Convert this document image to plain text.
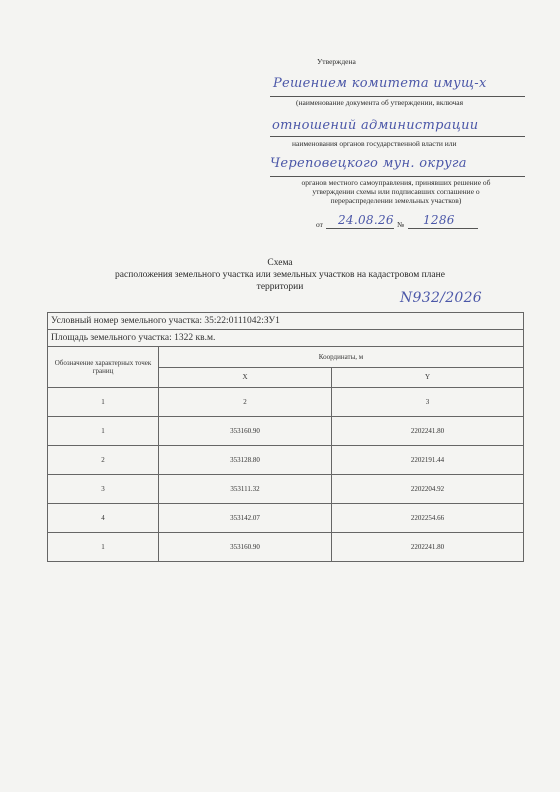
Утверждена
Решением комитета имущ-х
(наименование документа об утверждении, включая
отношений администрации
наименования органов государственной власти или
Череповецкого мун. округа
органов местного самоуправления, принявших решение об утверждении схемы или подписавших соглашение о перераспределении земельных участков)
от 24.08.26 № 1286
Схема
расположения земельного участка или земельных участков на кадастровом плане
территории
N932/2026
Условный номер земельного участка: 35:22:0111042:ЗУ1		
Площадь земельного участка: 1322 кв.м.		
Обозначение характерных точек границ	Координаты, м	
	X	Y
1	2	3
1	353160.90	2202241.80
2	353128.80	2202191.44
3	353111.32	2202204.92
4	353142.07	2202254.66
1	353160.90	2202241.80
